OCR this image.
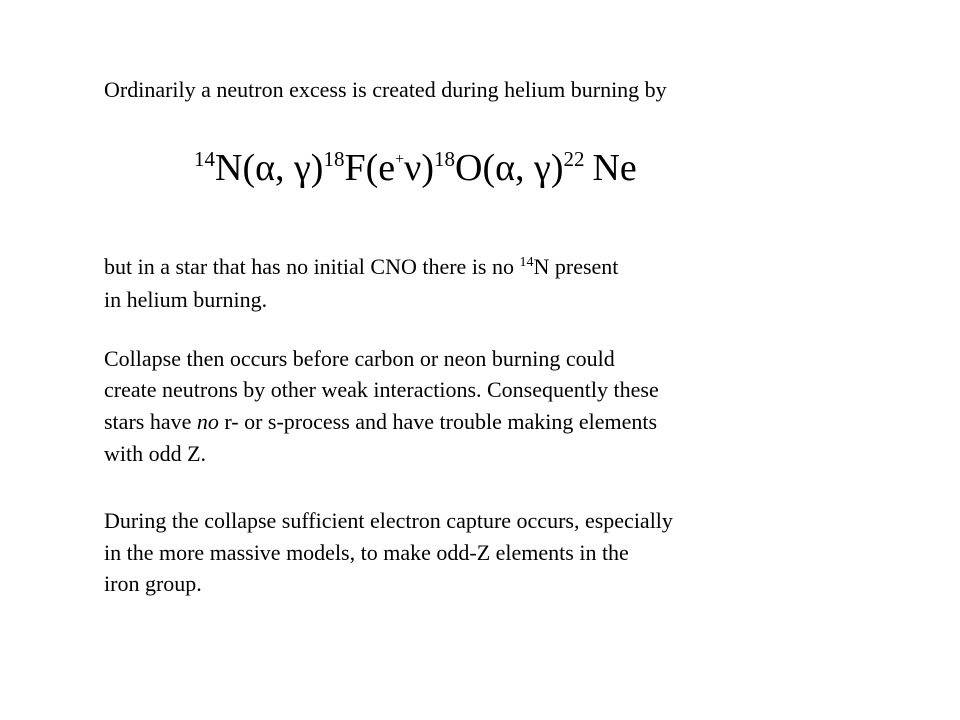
Ordinarily a neutron excess is created during helium burning by
14N(α, γ)18F(e+ν)18O(α, γ)22 Ne
but in a star that has no initial CNO there is no $^{14}$N present
in helium burning.
Collapse then occurs before carbon or neon burning could
create neutrons by other weak interactions. Consequently these
stars have no r- or s-process and have trouble making elements
with odd Z.
During the collapse sufficient electron capture occurs, especially
in the more massive models, to make odd-Z elements in the
iron group.
